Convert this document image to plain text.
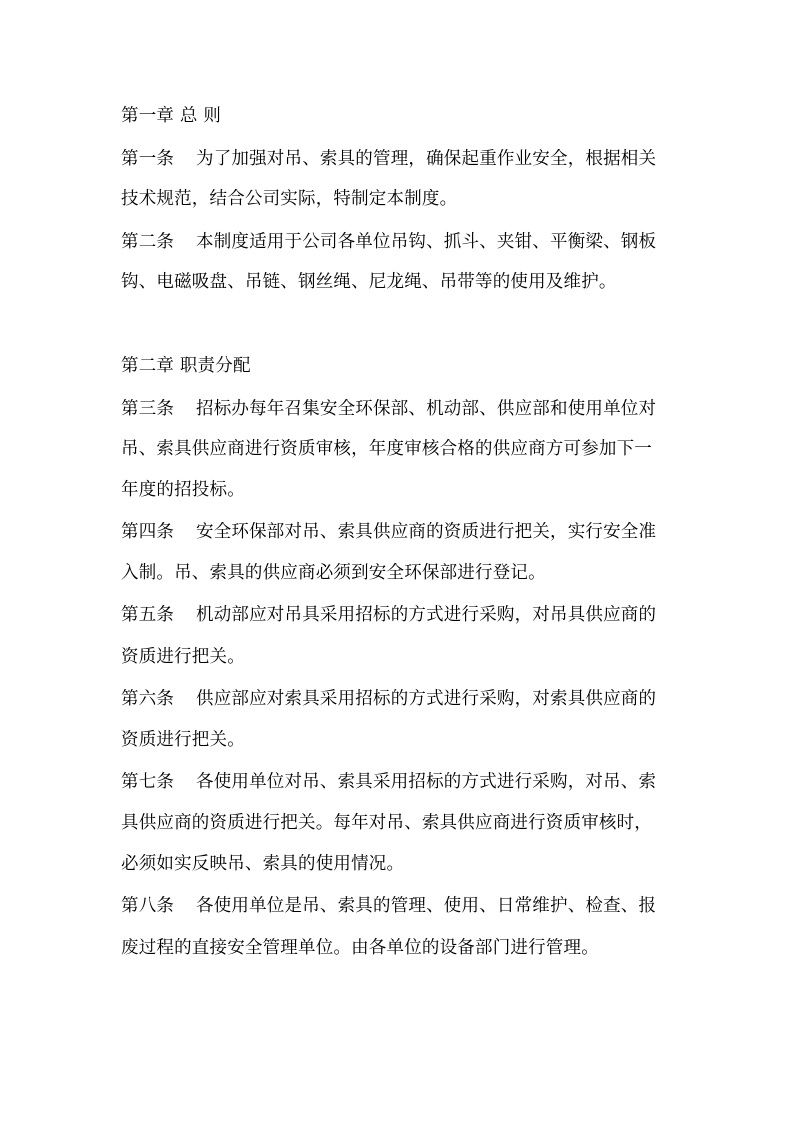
第一章 总 则
第一条 为了加强对吊、索具的管理，确保起重作业安全，根据相关
技术规范，结合公司实际，特制定本制度。
第二条 本制度适用于公司各单位吊钩、抓斗、夹钳、平衡梁、钢板
钩、电磁吸盘、吊链、钢丝绳、尼龙绳、吊带等的使用及维护。
第二章 职责分配
第三条 招标办每年召集安全环保部、机动部、供应部和使用单位对
吊、索具供应商进行资质审核，年度审核合格的供应商方可参加下一
年度的招投标。
第四条 安全环保部对吊、索具供应商的资质进行把关，实行安全准
入制。吊、索具的供应商必须到安全环保部进行登记。
第五条 机动部应对吊具采用招标的方式进行采购，对吊具供应商的
资质进行把关。
第六条 供应部应对索具采用招标的方式进行采购，对索具供应商的
资质进行把关。
第七条 各使用单位对吊、索具采用招标的方式进行采购，对吊、索
具供应商的资质进行把关。每年对吊、索具供应商进行资质审核时，
必须如实反映吊、索具的使用情况。
第八条 各使用单位是吊、索具的管理、使用、日常维护、检查、报
废过程的直接安全管理单位。由各单位的设备部门进行管理。
